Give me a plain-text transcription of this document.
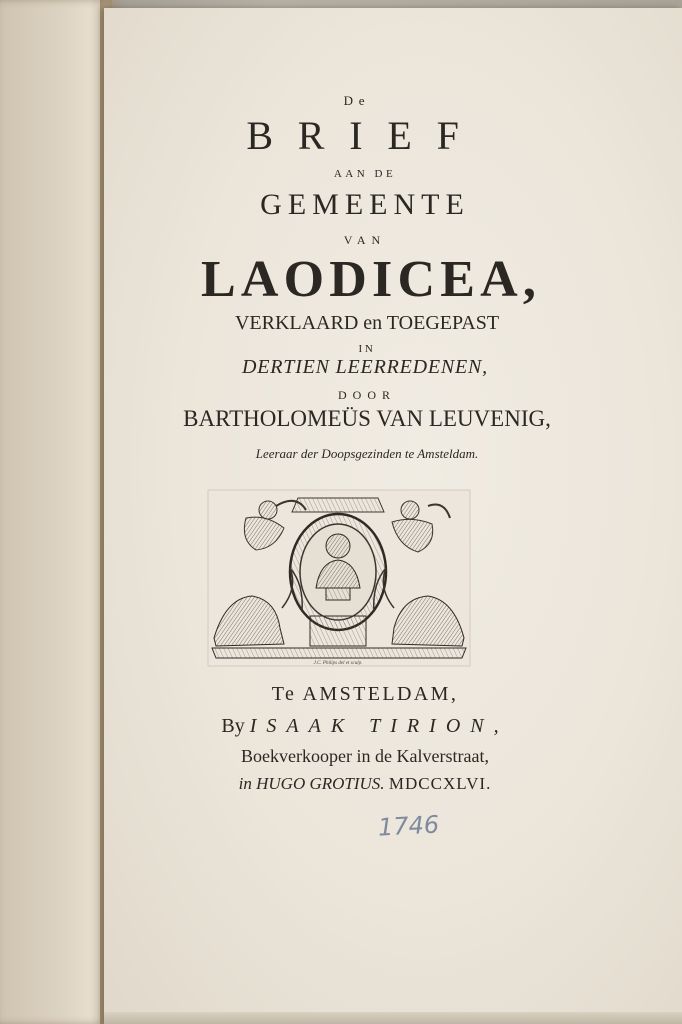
De
BRIEF
AAN DE
GEMEENTE
VAN
LAODICEA,
VERKLAARD en TOEGEPAST
IN
DERTIEN LEERREDENEN,
DOOR
BARTHOLOMEÜS VAN LEUVENIG,
Leeraar der Doopsgezinden te Amsteldam.
J.C. Philips del et sculp.
Te AMSTELDAM,
By ISAAK TIRION,
Boekverkooper in de Kalverstraat,
in HUGO GROTIUS. MDCCXLVI.
1746
